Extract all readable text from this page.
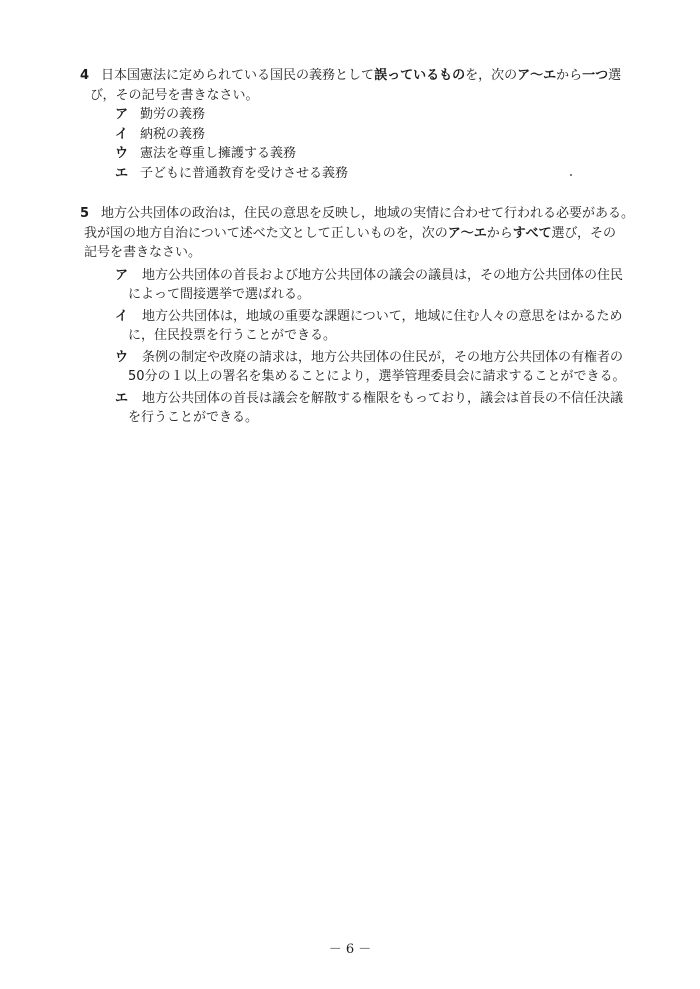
4 日本国憲法に定められている国民の義務として誤っているものを，次のア～エから一つ選
び，その記号を書きなさい。
ア 勤労の義務
イ 納税の義務
ウ 憲法を尊重し擁護する義務
エ 子どもに普通教育を受けさせる義務
5 地方公共団体の政治は，住民の意思を反映し，地域の実情に合わせて行われる必要がある。
我が国の地方自治について述べた文として正しいものを，次のア～エからすべて選び，その
記号を書きなさい。
ア 地方公共団体の首長および地方公共団体の議会の議員は，その地方公共団体の住民
によって間接選挙で選ばれる。
イ 地方公共団体は，地域の重要な課題について，地域に住む人々の意思をはかるため
に，住民投票を行うことができる。
ウ 条例の制定や改廃の請求は，地方公共団体の住民が，その地方公共団体の有権者の
50分の１以上の署名を集めることにより，選挙管理委員会に請求することができる。
エ 地方公共団体の首長は議会を解散する権限をもっており，議会は首長の不信任決議
を行うことができる。
－ 6 －
